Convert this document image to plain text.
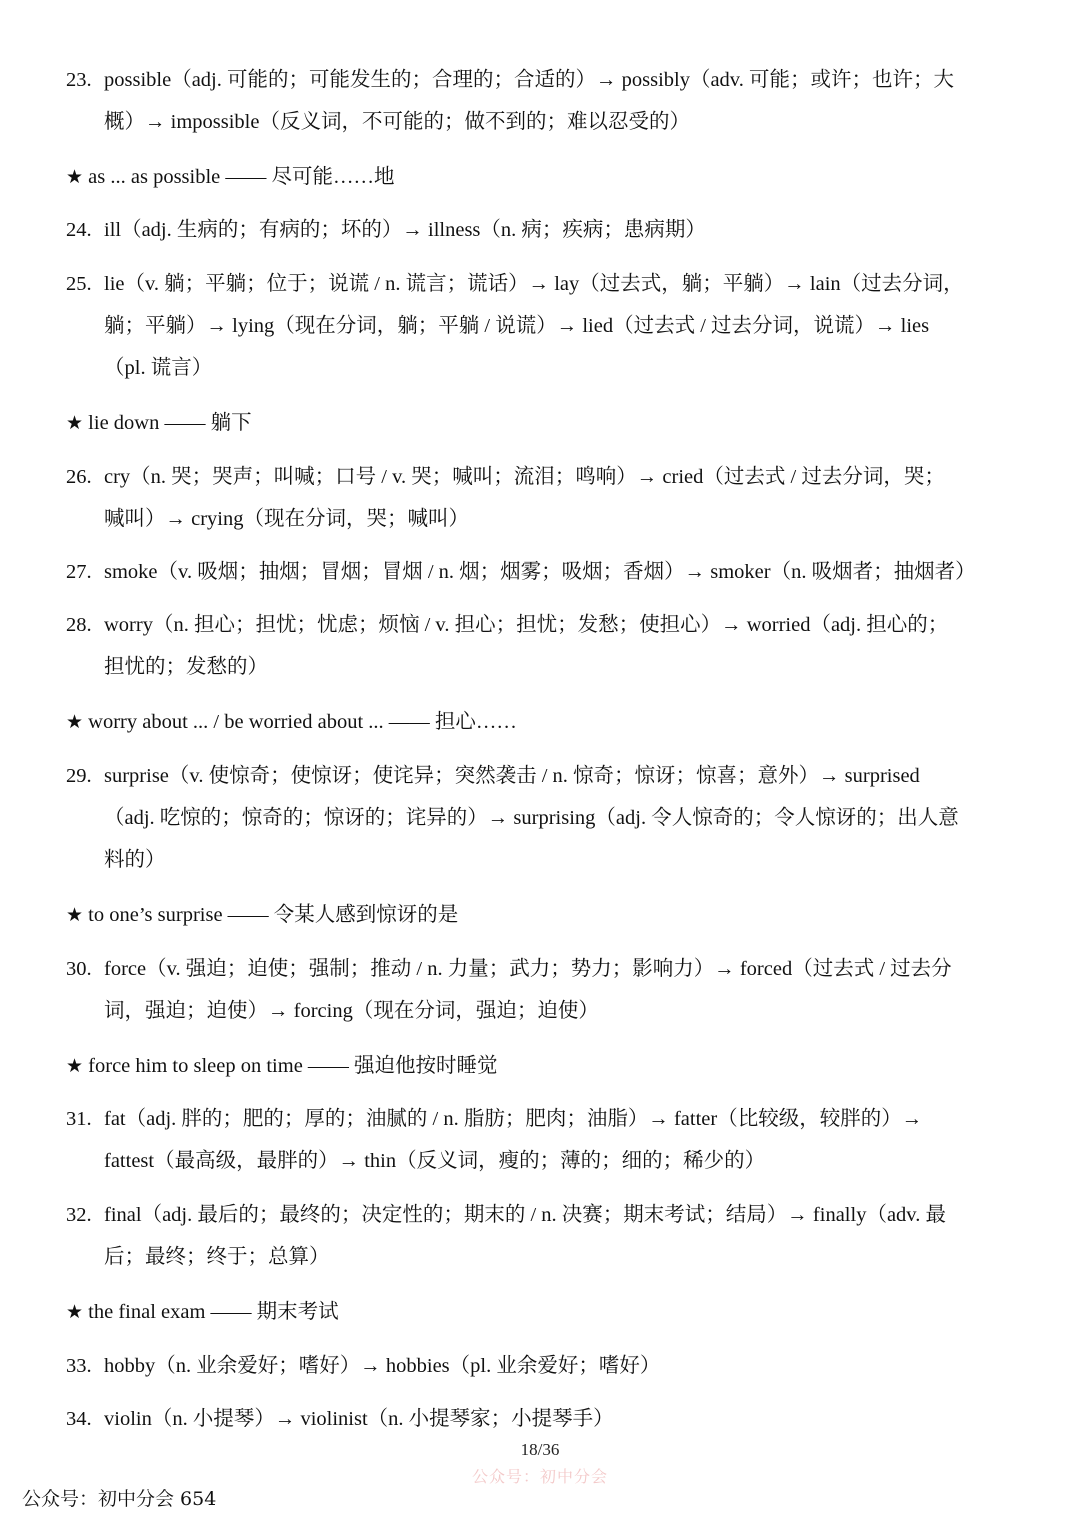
23. possible（adj. 可能的；可能发生的；合理的；合适的）→ possibly（adv. 可能；或许；也许；大
概）→ impossible（反义词，不可能的；做不到的；难以忍受的）
★ as ... as possible —— 尽可能……地
24. ill（adj. 生病的；有病的；坏的）→ illness（n. 病；疾病；患病期）
25. lie（v. 躺；平躺；位于；说谎 / n. 谎言；谎话）→ lay（过去式，躺；平躺）→ lain（过去分词，
躺；平躺）→ lying（现在分词，躺；平躺 / 说谎）→ lied（过去式 / 过去分词，说谎）→ lies
（pl. 谎言）
★ lie down —— 躺下
26. cry（n. 哭；哭声；叫喊；口号 / v. 哭；喊叫；流泪；鸣响）→ cried（过去式 / 过去分词，哭；
喊叫）→ crying（现在分词，哭；喊叫）
27. smoke（v. 吸烟；抽烟；冒烟；冒烟 / n. 烟；烟雾；吸烟；香烟）→ smoker（n. 吸烟者；抽烟者）
28. worry（n. 担心；担忧；忧虑；烦恼 / v. 担心；担忧；发愁；使担心）→ worried（adj. 担心的；
担忧的；发愁的）
★ worry about ... / be worried about ... —— 担心……
29. surprise（v. 使惊奇；使惊讶；使诧异；突然袭击 / n. 惊奇；惊讶；惊喜；意外）→ surprised
（adj. 吃惊的；惊奇的；惊讶的；诧异的）→ surprising（adj. 令人惊奇的；令人惊讶的；出人意
料的）
★ to one’s surprise —— 令某人感到惊讶的是
30. force（v. 强迫；迫使；强制；推动 / n. 力量；武力；势力；影响力）→ forced（过去式 / 过去分
词，强迫；迫使）→ forcing（现在分词，强迫；迫使）
★ force him to sleep on time —— 强迫他按时睡觉
31. fat（adj. 胖的；肥的；厚的；油腻的 / n. 脂肪；肥肉；油脂）→ fatter（比较级，较胖的）→
fattest（最高级，最胖的）→ thin（反义词，瘦的；薄的；细的；稀少的）
32. final（adj. 最后的；最终的；决定性的；期末的 / n. 决赛；期末考试；结局）→ finally（adv. 最
后；最终；终于；总算）
★ the final exam —— 期末考试
33. hobby（n. 业余爱好；嗜好）→ hobbies（pl. 业余爱好；嗜好）
34. violin（n. 小提琴）→ violinist（n. 小提琴家；小提琴手）
18/36
公众号：初中分会
公众号：初中分会 654
